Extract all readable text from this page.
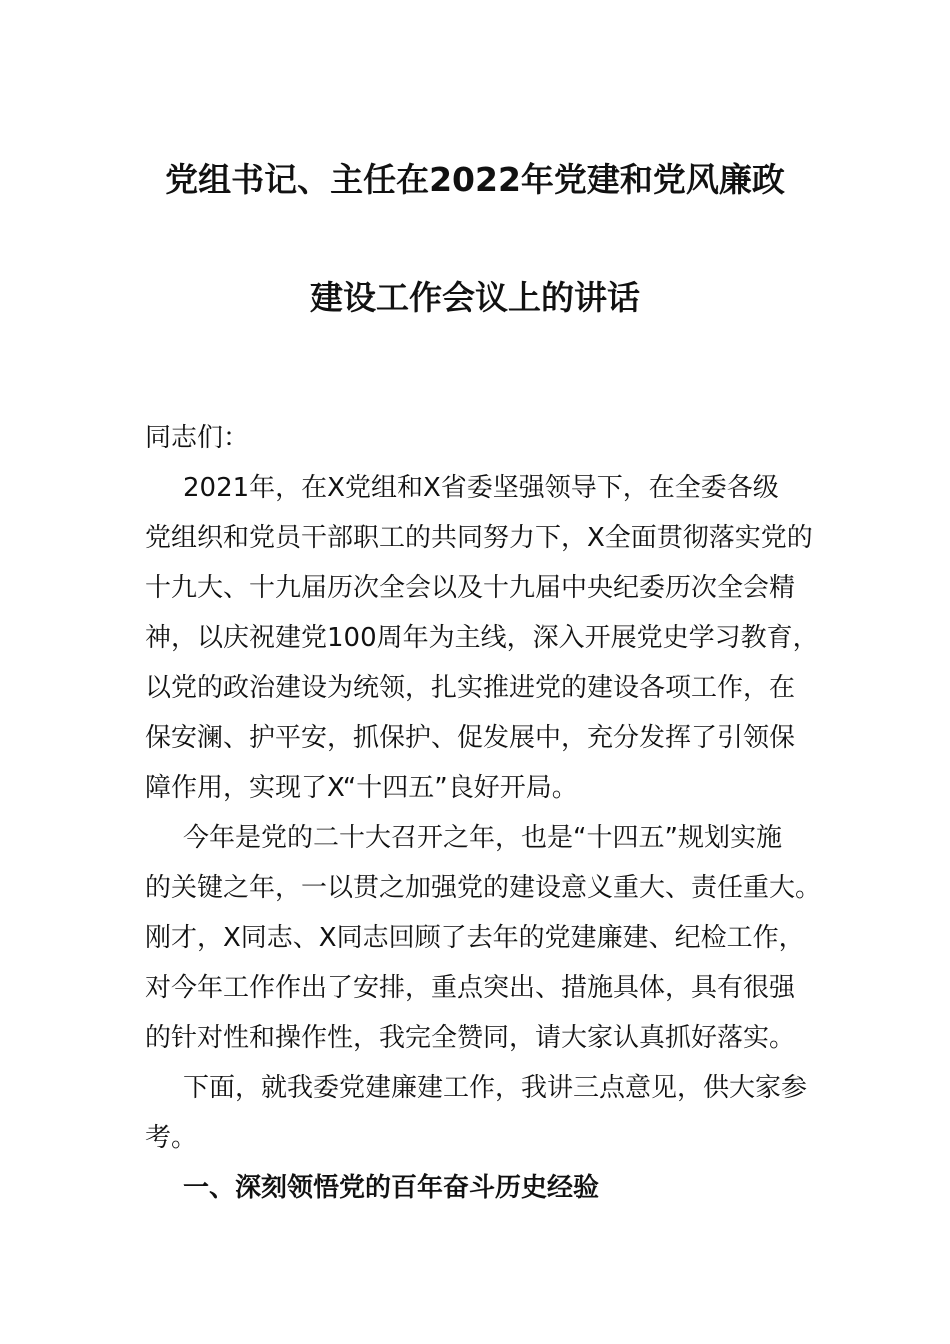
党组书记、主任在2022年党建和党风廉政
建设工作会议上的讲话
同志们：
2021年，在X党组和X省委坚强领导下，在全委各级
党组织和党员干部职工的共同努力下，X全面贯彻落实党的
十九大、十九届历次全会以及十九届中央纪委历次全会精
神，以庆祝建党100周年为主线，深入开展党史学习教育，
以党的政治建设为统领，扎实推进党的建设各项工作，在
保安澜、护平安，抓保护、促发展中，充分发挥了引领保
障作用，实现了X“十四五”良好开局。
今年是党的二十大召开之年，也是“十四五”规划实施
的关键之年，一以贯之加强党的建设意义重大、责任重大。
刚才，X同志、X同志回顾了去年的党建廉建、纪检工作，
对今年工作作出了安排，重点突出、措施具体，具有很强
的针对性和操作性，我完全赞同，请大家认真抓好落实。
下面，就我委党建廉建工作，我讲三点意见，供大家参
考。
一、深刻领悟党的百年奋斗历史经验
